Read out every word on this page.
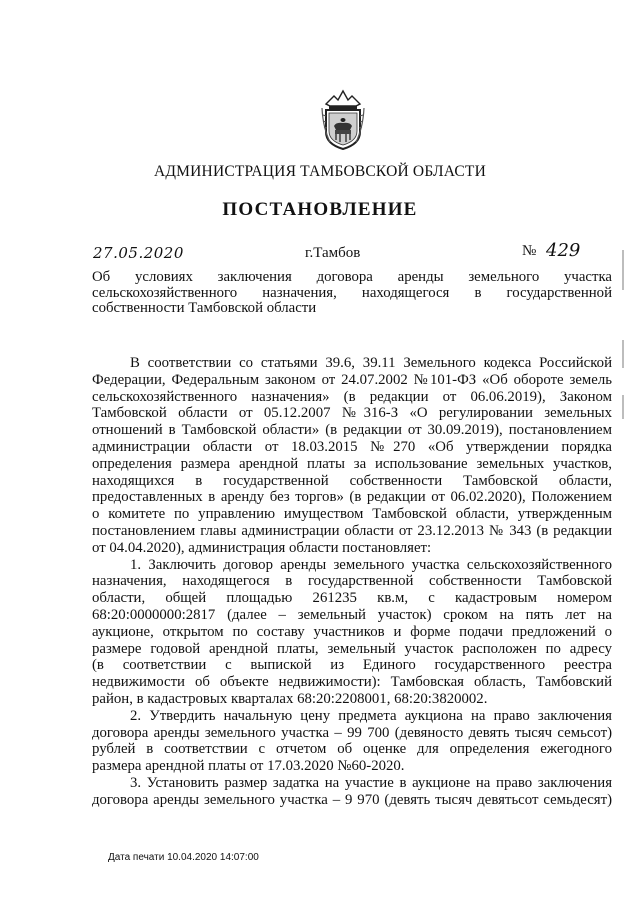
АДМИНИСТРАЦИЯ ТАМБОВСКОЙ ОБЛАСТИ
ПОСТАНОВЛЕНИЕ
27.05.2020	г.Тамбов	№ 429
Об условиях заключения договора аренды земельного участка
сельскохозяйственного назначения, находящегося в государственной
собственности Тамбовской области
В соответствии со статьями 39.6, 39.11 Земельного кодекса Российской
Федерации, Федеральным законом от 24.07.2002 №101-ФЗ «Об обороте земель
сельскохозяйственного назначения» (в редакции от 06.06.2019), Законом
Тамбовской области от 05.12.2007 №316-З «О регулировании земельных
отношений в Тамбовской области» (в редакции от 30.09.2019), постановлением
администрации области от 18.03.2015 №270 «Об утверждении порядка
определения размера арендной платы за использование земельных участков,
находящихся в государственной собственности Тамбовской области,
предоставленных в аренду без торгов» (в редакции от 06.02.2020), Положением
о комитете по управлению имуществом Тамбовской области, утвержденным
постановлением главы администрации области от 23.12.2013 № 343 (в редакции
от 04.04.2020), администрация области постановляет:
1. Заключить договор аренды земельного участка сельскохозяйственного
назначения, находящегося в государственной собственности Тамбовской
области, общей площадью 261235 кв.м, с кадастровым номером
68:20:0000000:2817 (далее – земельный участок) сроком на пять лет на
аукционе, открытом по составу участников и форме подачи предложений о
размере годовой арендной платы, земельный участок расположен по адресу
(в соответствии с выпиской из Единого государственного реестра
недвижимости об объекте недвижимости): Тамбовская область, Тамбовский
район, в кадастровых кварталах 68:20:2208001, 68:20:3820002.
2. Утвердить начальную цену предмета аукциона на право заключения
договора аренды земельного участка – 99 700 (девяносто девять тысяч семьсот)
рублей в соответствии с отчетом об оценке для определения ежегодного
размера арендной платы от 17.03.2020 №60-2020.
3. Установить размер задатка на участие в аукционе на право заключения
договора аренды земельного участка – 9 970 (девять тысяч девятьсот семьдесят)
Дата печати 10.04.2020 14:07:00
